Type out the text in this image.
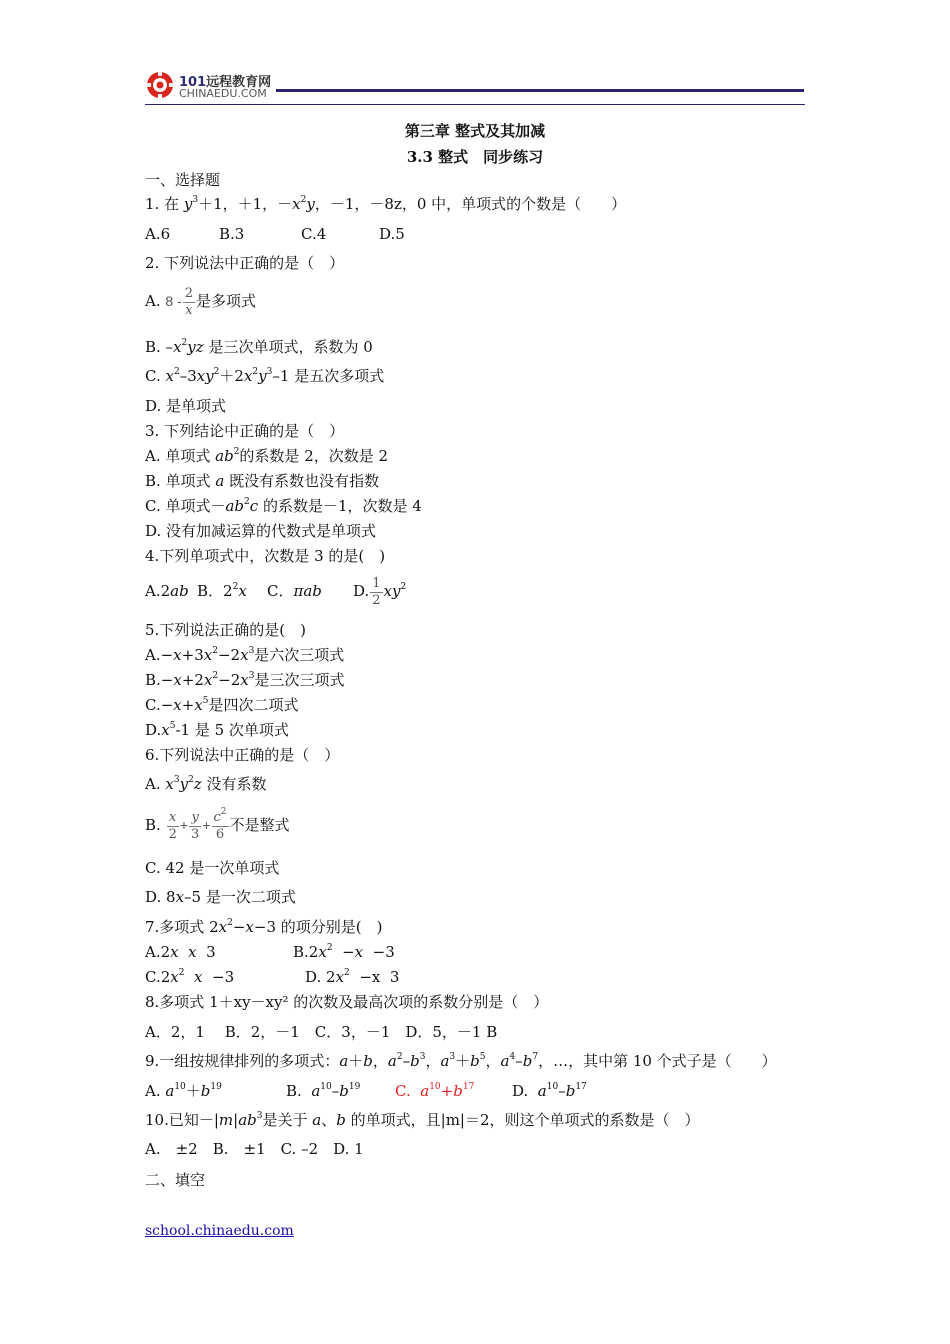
101远程教育网
CHINAEDU.COM
第三章 整式及其加减
3.3 整式　同步练习
一、选择题
1. 在 $y^3+1$，＋1，$-x^2y$，－1，－8z，0 中，单项式的个数是（　　）
A.6	B.3	C.4	D.5
2. 下列说法中正确的是（　）
A. $8 - \frac{2}{x}$ 是多项式
B. $-x^2yz$ 是三次单项式，系数为 0
C. $x^2-3xy^2+2x^2y^3-1$ 是五次多项式
D. 是单项式
3. 下列结论中正确的是（　）
A. 单项式 $ab^2$的系数是 2，次数是 2
B. 单项式 a 既没有系数也没有指数
C. 单项式$-ab^2c$ 的系数是－1，次数是 4
D. 没有加减运算的代数式是单项式
4.下列单项式中，次数是 3 的是(　)
A.2ab B．$2^2x$ C．πab D. $\frac{1}{2} xy^2$
5.下列说法正确的是(　)
$A.-x+3x^2-2x^3$是六次三项式
$B.-x+2x^2-2x^3$是三次三项式
$C.-x+x^5$是四次二项式
$D.x^5-1$ 是 5 次单项式
6.下列说法中正确的是（　）
A. $x^3y^2z$ 没有系数
B. $\frac{x}{2} + \frac{y}{3} + \frac{c^2}{6}$ 不是整式
C. 42 是一次单项式
D. 8x–5 是一次二项式
7.多项式 $2x^2-x-3$ 的项分别是(　)
A.2x x  3	$B.2x^2 -x -3$
$C.2x^2$ x  −3	D. $2x^2 -x$  3
8.多项式 1＋xy－xy² 的次数及最高次项的系数分别是（　）
A．2，1　 B．2，－1　C．3，－1　D．5，－1 B
9.一组按规律排列的多项式：a＋b，$a^2-b^3$，$a^3+b^5$，$a^4-b^7$，…，其中第 10 个式子是（　　）
A. $a^{10}+b^{19}$	B.  $a^{10}-b^{19}$ C.  $a^{10}+b^{17}$	D.  $a^{10}-b^{17}$
10.已知$-|m|ab^3$是关于 a、b 的单项式，且|m|＝2，则这个单项式的系数是（　）
A.　±2　B.　±1　C. –2　D. 1
二、填空
school.chinaedu.com
